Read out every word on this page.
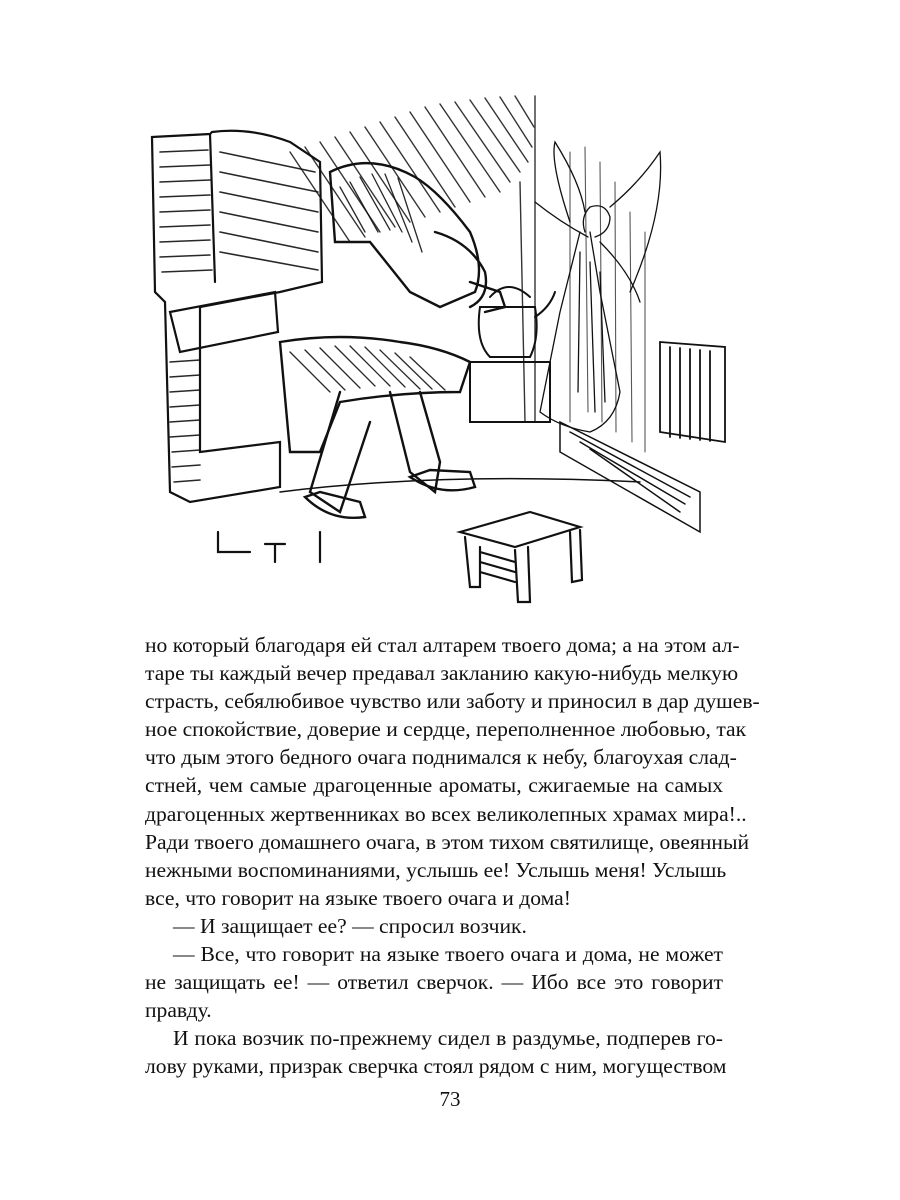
LT
но который благодаря ей стал алтарем твоего дома; а на этом ал-
таре ты каждый вечер предавал закланию какую-нибудь мелкую
страсть, себялюбивое чувство или заботу и приносил в дар душев-
ное спокойствие, доверие и сердце, переполненное любовью, так
что дым этого бедного очага поднимался к небу, благоухая слад-
стней, чем самые драгоценные ароматы, сжигаемые на самых
драгоценных жертвенниках во всех великолепных храмах мира!..
Ради твоего домашнего очага, в этом тихом святилище, овеянный
нежными воспоминаниями, услышь ее! Услышь меня! Услышь
все, что говорит на языке твоего очага и дома!
— И защищает ее? — спросил возчик.
— Все, что говорит на языке твоего очага и дома, не может
не защищать ее! — ответил сверчок. — Ибо все это говорит
правду.
И пока возчик по-прежнему сидел в раздумье, подперев го-
лову руками, призрак сверчка стоял рядом с ним, могуществом
73
